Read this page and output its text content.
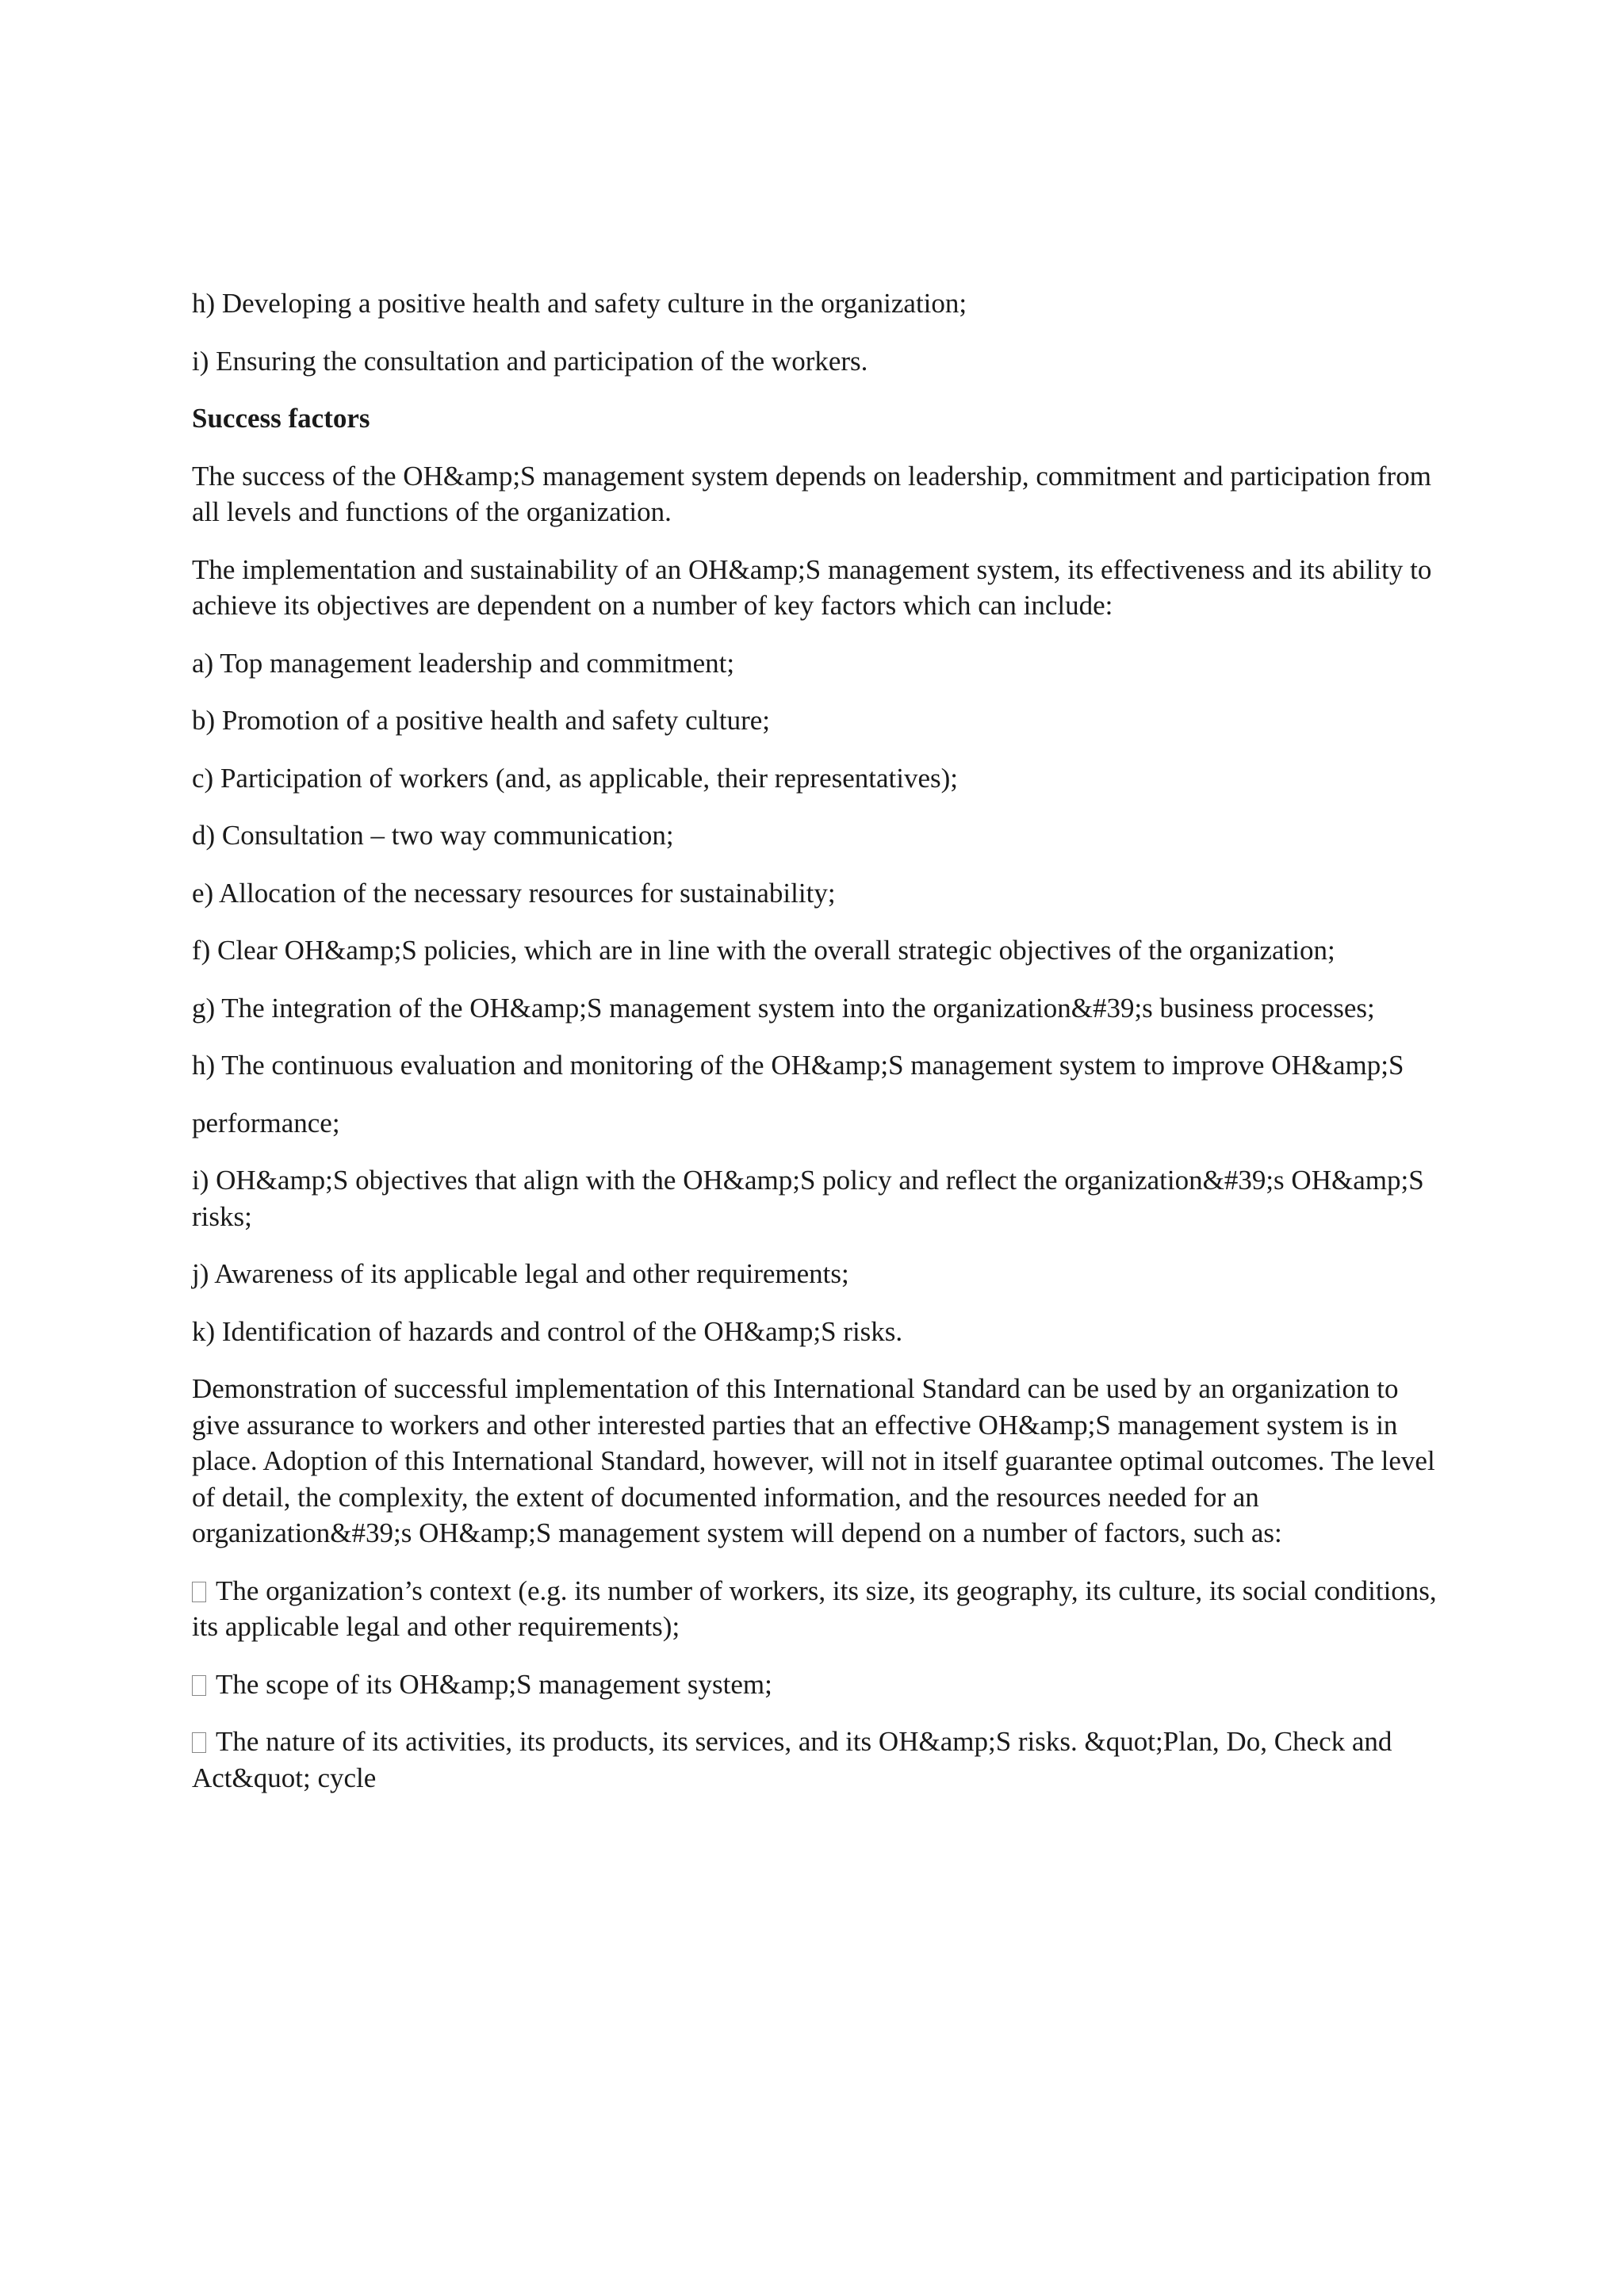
h) Developing a positive health and safety culture in the organization;

i) Ensuring the consultation and participation of the workers.

Success factors

The success of the OH&amp;S management system depends on leadership, commitment and participation from all levels and functions of the organization.

The implementation and sustainability of an OH&amp;S management system, its effectiveness and its ability to achieve its objectives are dependent on a number of key factors which can include:

a) Top management leadership and commitment;

b) Promotion of a positive health and safety culture;

c) Participation of workers (and, as applicable, their representatives);

d) Consultation – two way communication;

e) Allocation of the necessary resources for sustainability;

f) Clear OH&amp;S policies, which are in line with the overall strategic objectives of the organization;

g) The integration of the OH&amp;S management system into the organization&#39;s business processes;

h) The continuous evaluation and monitoring of the OH&amp;S management system to improve OH&amp;S

performance;

i) OH&amp;S objectives that align with the OH&amp;S policy and reflect the organization&#39;s OH&amp;S risks;

j) Awareness of its applicable legal and other requirements;

k) Identification of hazards and control of the OH&amp;S risks.

Demonstration of successful implementation of this International Standard can be used by an organization to give assurance to workers and other interested parties that an effective OH&amp;S management system is in place. Adoption of this International Standard, however, will not in itself guarantee optimal outcomes. The level of detail, the complexity, the extent of documented information, and the resources needed for an organization&#39;s OH&amp;S management system will depend on a number of factors, such as:

The organization’s context (e.g. its number of workers, its size, its geography, its culture, its social conditions, its applicable legal and other requirements);

The scope of its OH&amp;S management system;

The nature of its activities, its products, its services, and its OH&amp;S risks. &quot;Plan, Do, Check and Act&quot; cycle
